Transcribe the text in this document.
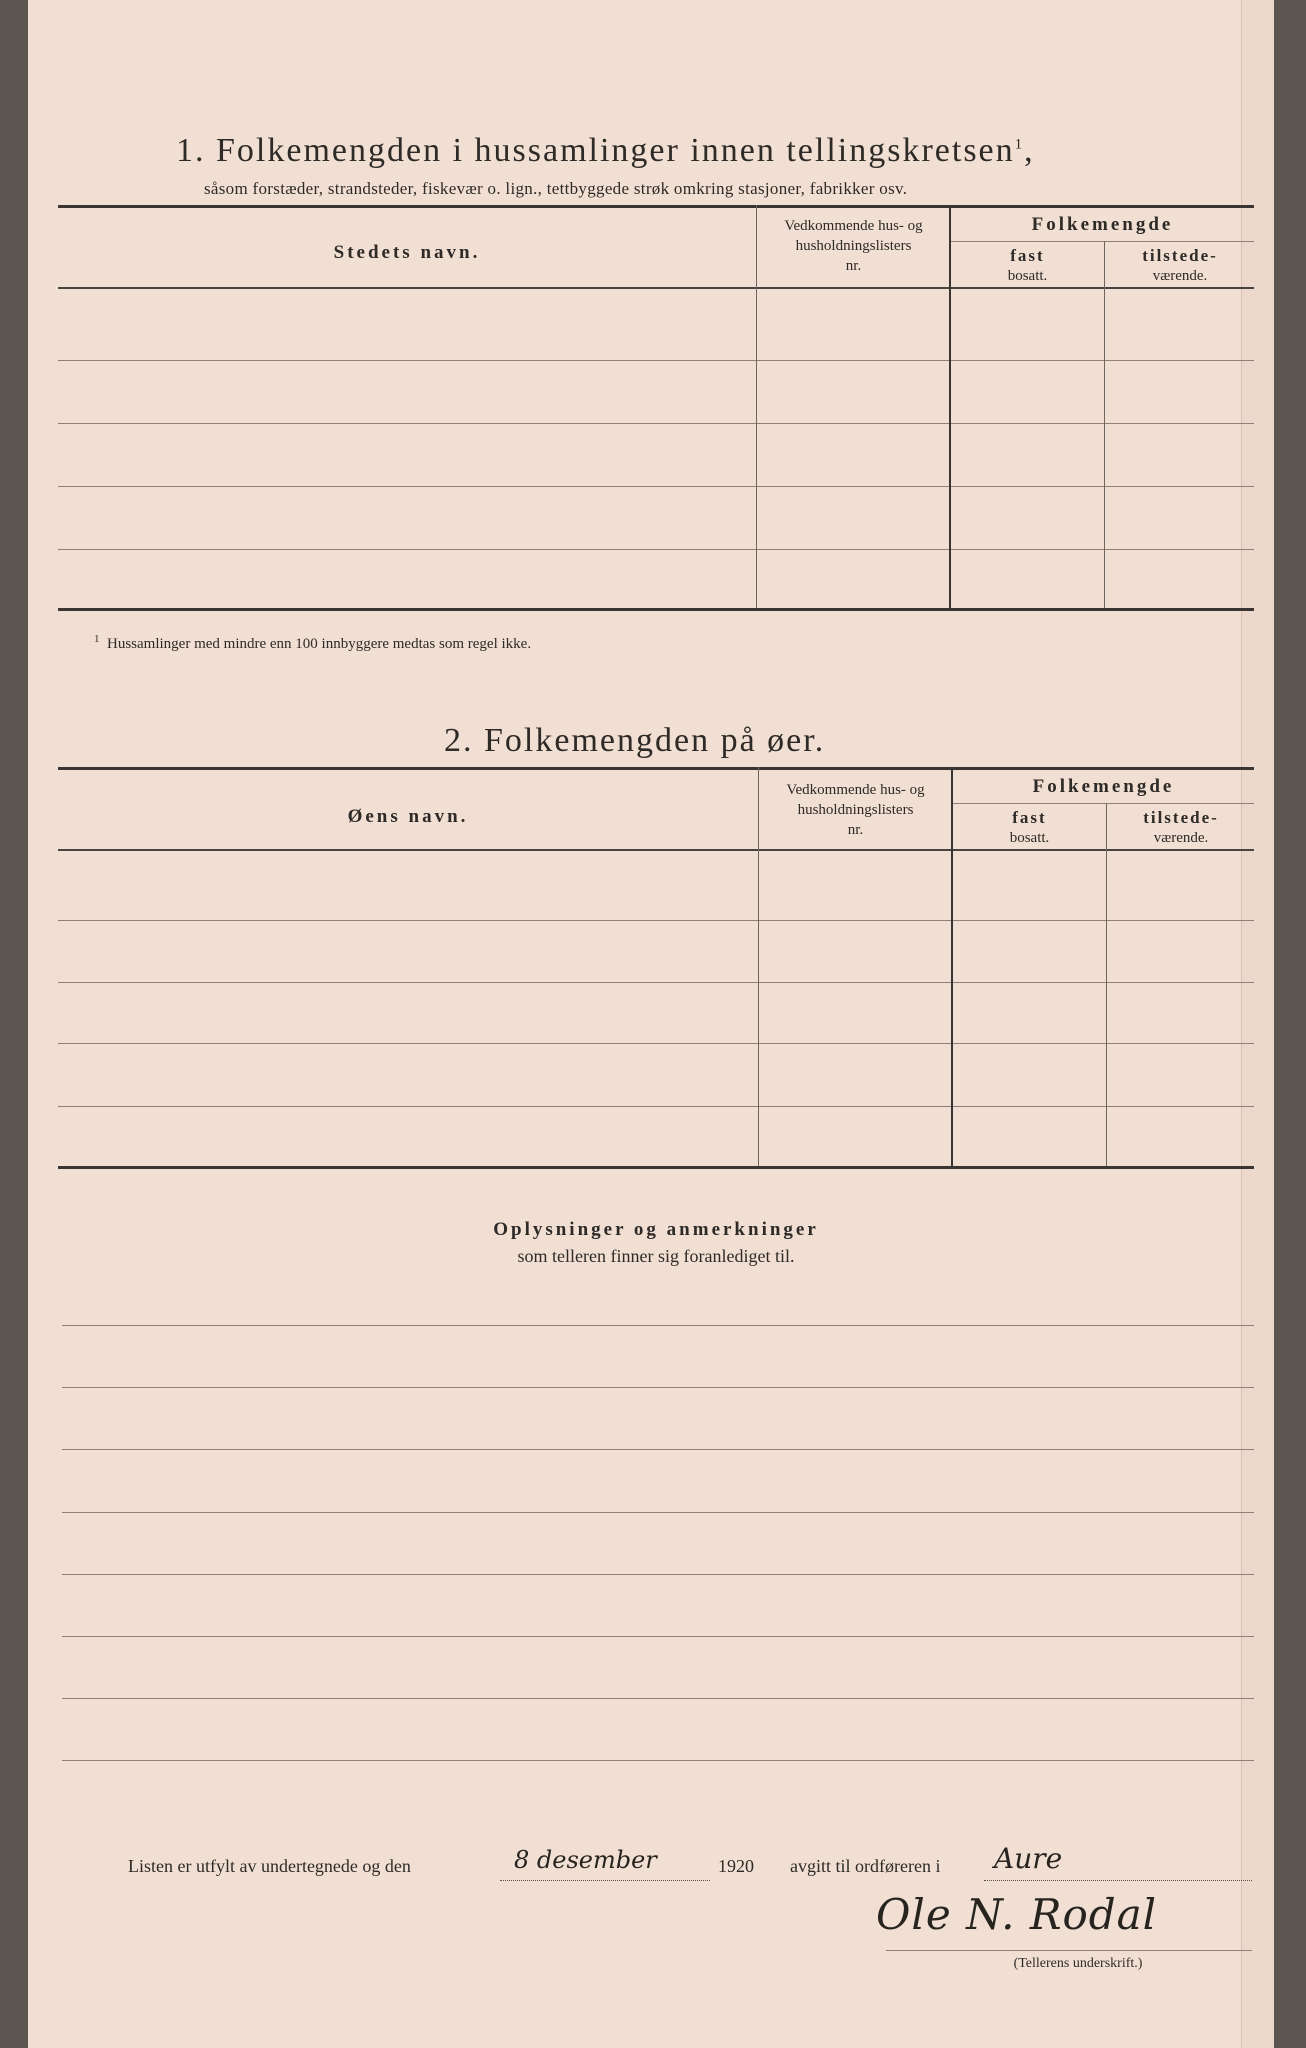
1. Folkemengden i hussamlinger innen tellingskretsen$^1$,
såsom forstæder, strandsteder, fiskevær o. lign., tettbyggede strøk omkring stasjoner, fabrikker osv.
Stedets navn.
Vedkommende hus- og
husholdningslisters
nr.
Folkemengde
fast
bosatt.
tilstede-
værende.
$^1$ Hussamlinger med mindre enn 100 innbyggere medtas som regel ikke.
2. Folkemengden på øer.
Øens navn.
Vedkommende hus- og
husholdningslisters
nr.
Folkemengde
fast
bosatt.
tilstede-
værende.
Oplysninger og anmerkninger
som telleren finner sig foranlediget til.
Listen er utfylt av undertegnede og den	8 desember	1920 avgitt til ordføreren i Aure
Ole N. Rodal
(Tellerens underskrift.)
